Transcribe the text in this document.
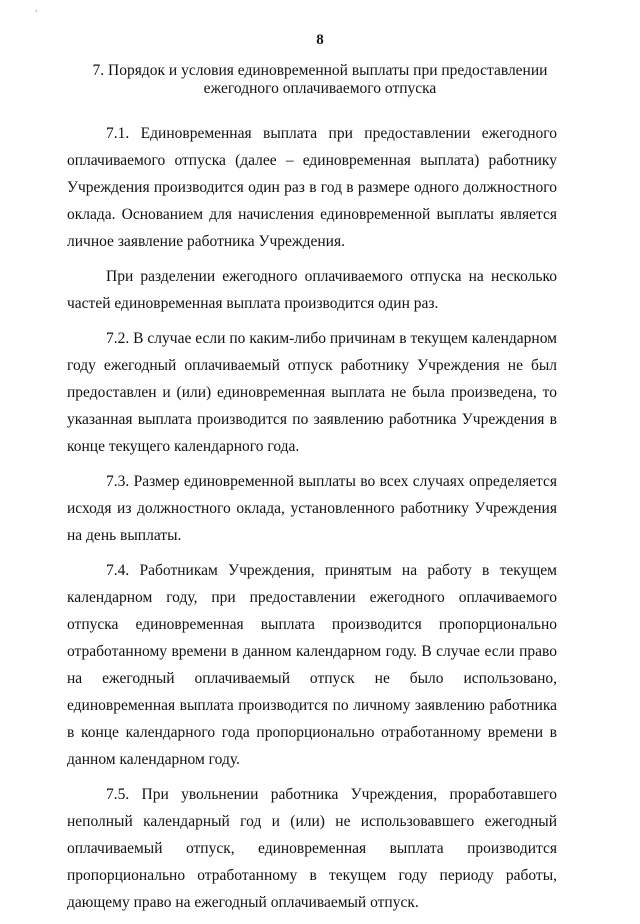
‹
8
7. Порядок и условия единовременной выплаты при предоставлении ежегодного оплачиваемого отпуска

7.1. Единовременная выплата при предоставлении ежегодного оплачиваемого отпуска (далее – единовременная выплата) работнику Учреждения производится один раз в год в размере одного должностного оклада. Основанием для начисления единовременной выплаты является личное заявление работника Учреждения.

При разделении ежегодного оплачиваемого отпуска на несколько частей единовременная выплата производится один раз.

7.2. В случае если по каким-либо причинам в текущем календарном году ежегодный оплачиваемый отпуск работнику Учреждения не был предоставлен и (или) единовременная выплата не была произведена, то указанная выплата производится по заявлению работника Учреждения в конце текущего календарного года.

7.3. Размер единовременной выплаты во всех случаях определяется исходя из должностного оклада, установленного работнику Учреждения на день выплаты.

7.4. Работникам Учреждения, принятым на работу в текущем календарном году, при предоставлении ежегодного оплачиваемого отпуска единовременная выплата производится пропорционально отработанному времени в данном календарном году. В случае если право на ежегодный оплачиваемый отпуск не было использовано, единовременная выплата производится по личному заявлению работника в конце календарного года пропорционально отработанному времени в данном календарном году.

7.5. При увольнении работника Учреждения, проработавшего неполный календарный год и (или) не использовавшего ежегодный оплачиваемый отпуск, единовременная выплата производится пропорционально отработанному в текущем году периоду работы, дающему право на ежегодный оплачиваемый отпуск.
